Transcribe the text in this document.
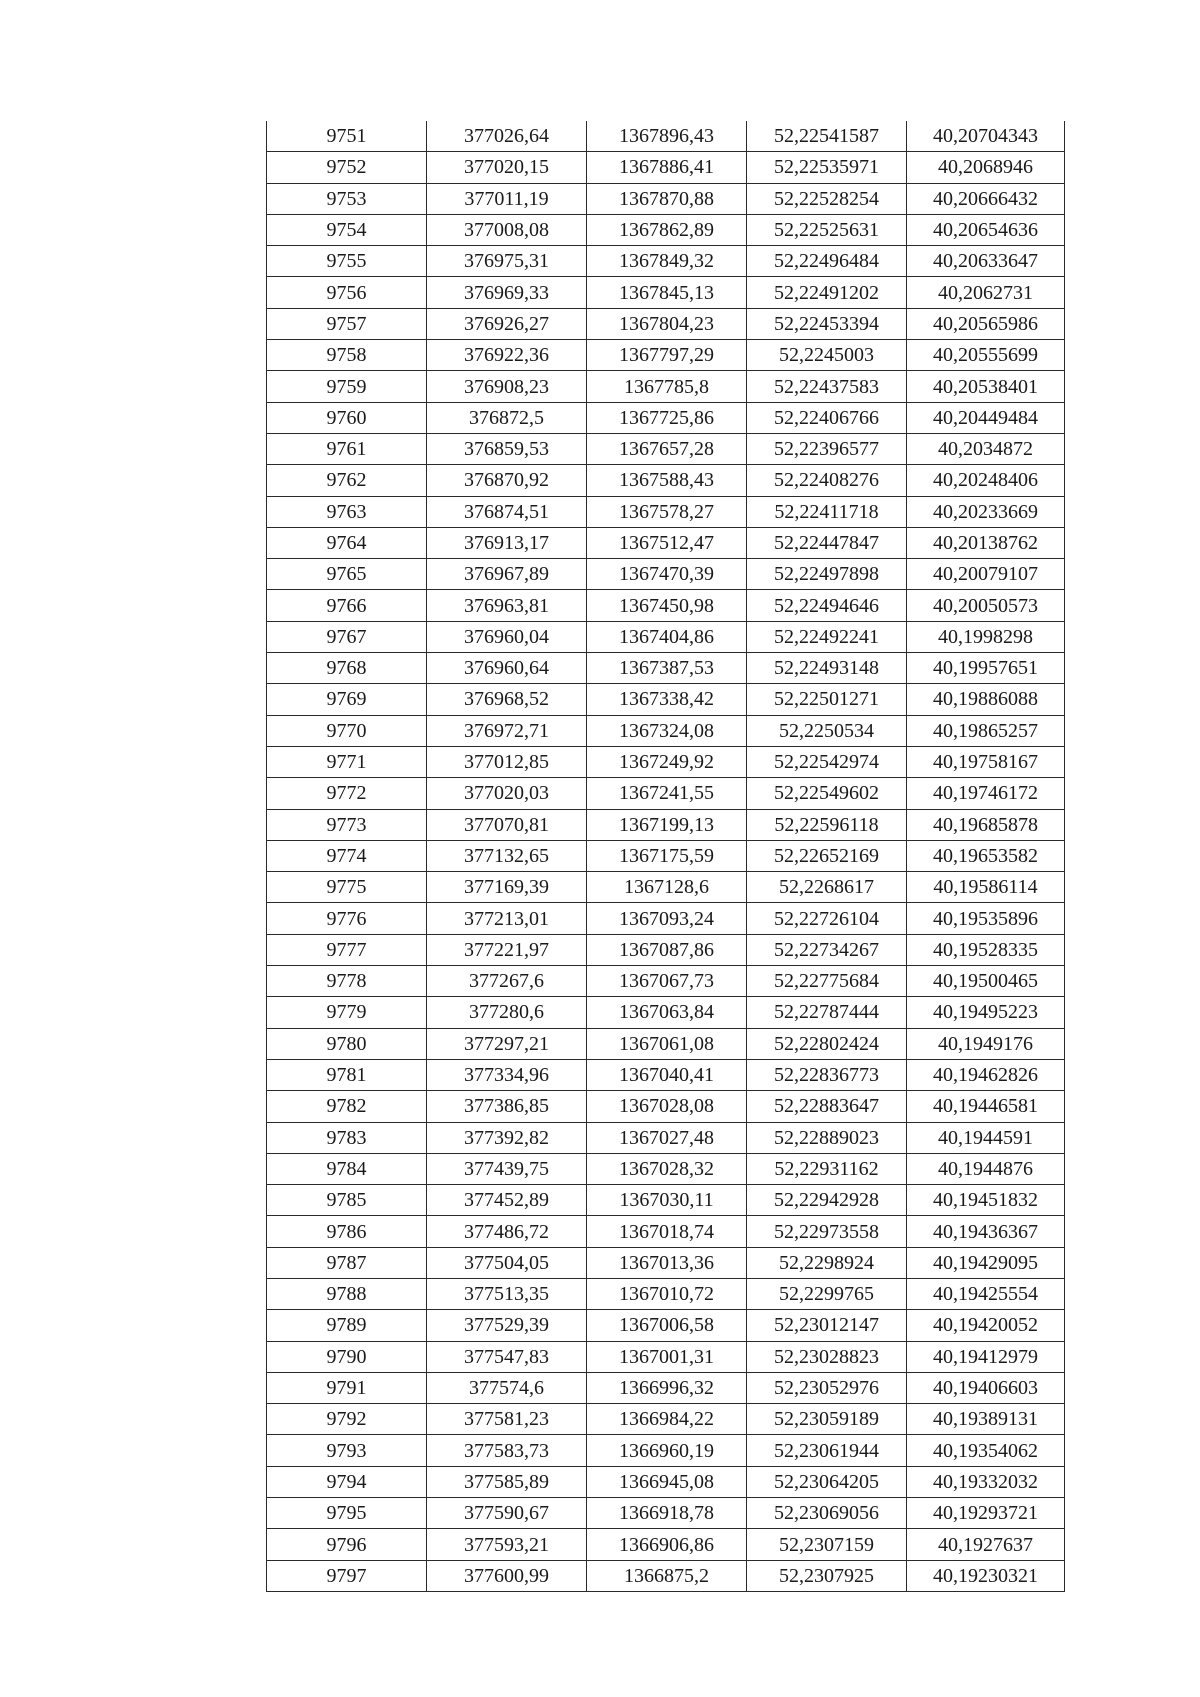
9751	377026,64	1367896,43	52,22541587	40,20704343
9752	377020,15	1367886,41	52,22535971	40,2068946
9753	377011,19	1367870,88	52,22528254	40,20666432
9754	377008,08	1367862,89	52,22525631	40,20654636
9755	376975,31	1367849,32	52,22496484	40,20633647
9756	376969,33	1367845,13	52,22491202	40,2062731
9757	376926,27	1367804,23	52,22453394	40,20565986
9758	376922,36	1367797,29	52,2245003	40,20555699
9759	376908,23	1367785,8	52,22437583	40,20538401
9760	376872,5	1367725,86	52,22406766	40,20449484
9761	376859,53	1367657,28	52,22396577	40,2034872
9762	376870,92	1367588,43	52,22408276	40,20248406
9763	376874,51	1367578,27	52,22411718	40,20233669
9764	376913,17	1367512,47	52,22447847	40,20138762
9765	376967,89	1367470,39	52,22497898	40,20079107
9766	376963,81	1367450,98	52,22494646	40,20050573
9767	376960,04	1367404,86	52,22492241	40,1998298
9768	376960,64	1367387,53	52,22493148	40,19957651
9769	376968,52	1367338,42	52,22501271	40,19886088
9770	376972,71	1367324,08	52,2250534	40,19865257
9771	377012,85	1367249,92	52,22542974	40,19758167
9772	377020,03	1367241,55	52,22549602	40,19746172
9773	377070,81	1367199,13	52,22596118	40,19685878
9774	377132,65	1367175,59	52,22652169	40,19653582
9775	377169,39	1367128,6	52,2268617	40,19586114
9776	377213,01	1367093,24	52,22726104	40,19535896
9777	377221,97	1367087,86	52,22734267	40,19528335
9778	377267,6	1367067,73	52,22775684	40,19500465
9779	377280,6	1367063,84	52,22787444	40,19495223
9780	377297,21	1367061,08	52,22802424	40,1949176
9781	377334,96	1367040,41	52,22836773	40,19462826
9782	377386,85	1367028,08	52,22883647	40,19446581
9783	377392,82	1367027,48	52,22889023	40,1944591
9784	377439,75	1367028,32	52,22931162	40,1944876
9785	377452,89	1367030,11	52,22942928	40,19451832
9786	377486,72	1367018,74	52,22973558	40,19436367
9787	377504,05	1367013,36	52,2298924	40,19429095
9788	377513,35	1367010,72	52,2299765	40,19425554
9789	377529,39	1367006,58	52,23012147	40,19420052
9790	377547,83	1367001,31	52,23028823	40,19412979
9791	377574,6	1366996,32	52,23052976	40,19406603
9792	377581,23	1366984,22	52,23059189	40,19389131
9793	377583,73	1366960,19	52,23061944	40,19354062
9794	377585,89	1366945,08	52,23064205	40,19332032
9795	377590,67	1366918,78	52,23069056	40,19293721
9796	377593,21	1366906,86	52,2307159	40,1927637
9797	377600,99	1366875,2	52,2307925	40,19230321
